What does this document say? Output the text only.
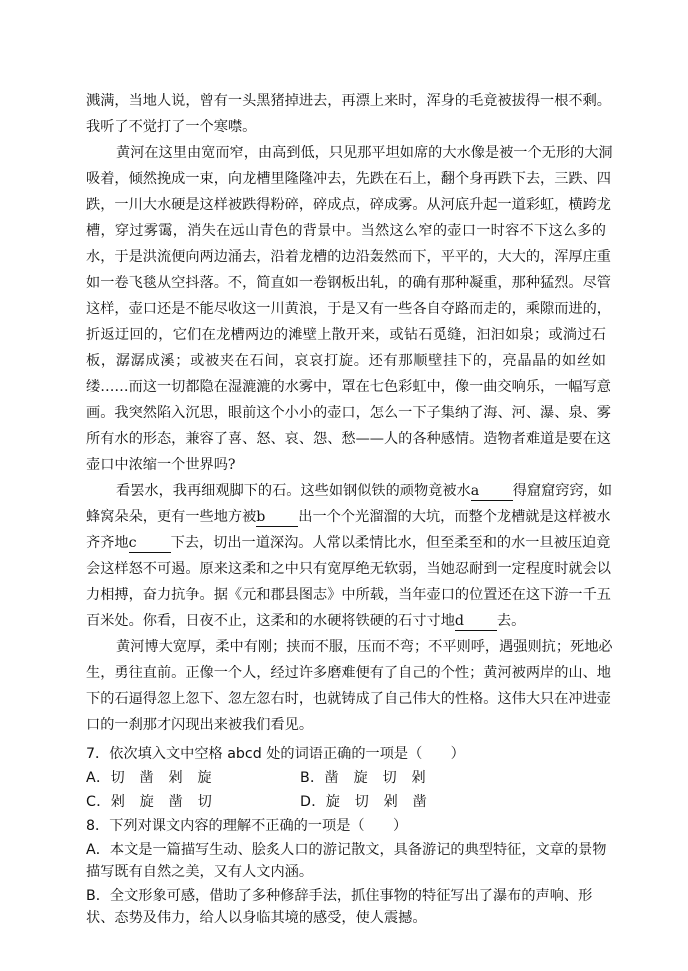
溅满，当地人说，曾有一头黑猪掉进去，再漂上来时，浑身的毛竟被拔得一根不剩。
我听了不觉打了一个寒噤。
黄河在这里由宽而窄，由高到低，只见那平坦如席的大水像是被一个无形的大洞
吸着，倾然挽成一束，向龙槽里隆隆冲去，先跌在石上，翻个身再跌下去，三跌、四
跌，一川大水硬是这样被跌得粉碎，碎成点，碎成雾。从河底升起一道彩虹，横跨龙
槽，穿过雾霭，消失在远山青色的背景中。当然这么窄的壶口一时容不下这么多的
水，于是洪流便向两边涌去，沿着龙槽的边沿轰然而下，平平的，大大的，浑厚庄重
如一卷飞毯从空抖落。不，简直如一卷钢板出轧，的确有那种凝重，那种猛烈。尽管
这样，壶口还是不能尽收这一川黄浪，于是又有一些各自夺路而走的，乘隙而进的，
折返迂回的，它们在龙槽两边的滩壁上散开来，或钻石觅缝，汩汩如泉；或淌过石
板，潺潺成溪；或被夹在石间，哀哀打旋。还有那顺壁挂下的，亮晶晶的如丝如
缕……而这一切都隐在湿漉漉的水雾中，罩在七色彩虹中，像一曲交响乐，一幅写意
画。我突然陷入沉思，眼前这个小小的壶口，怎么一下子集纳了海、河、瀑、泉、雾
所有水的形态，兼容了喜、怒、哀、怨、愁——人的各种感情。造物者难道是要在这
壶口中浓缩一个世界吗?
看罢水，我再细观脚下的石。这些如钢似铁的顽物竟被水a 得窟窟窍窍，如
蜂窝朵朵，更有一些地方被b 出一个个光溜溜的大坑，而整个龙槽就是这样被水
齐齐地c 下去，切出一道深沟。人常以柔情比水，但至柔至和的水一旦被压迫竟
会这样怒不可遏。原来这柔和之中只有宽厚绝无软弱，当她忍耐到一定程度时就会以
力相搏，奋力抗争。据《元和郡县图志》中所载，当年壶口的位置还在这下游一千五
百米处。你看，日夜不止，这柔和的水硬将铁硬的石寸寸地d 去。
黄河博大宽厚，柔中有刚；挟而不服，压而不弯；不平则呼，遇强则抗；死地必
生，勇往直前。正像一个人，经过许多磨难便有了自己的个性；黄河被两岸的山、地
下的石逼得忽上忽下、忽左忽右时，也就铸成了自己伟大的性格。这伟大只在冲进壶
口的一刹那才闪现出来被我们看见。
7．依次填入文中空格 abcd 处的词语正确的一项是（　　）
A．切　凿　剁　旋	B．凿　旋　切　剁
C．剁　旋　凿　切	D．旋　切　剁　凿
8．下列对课文内容的理解不正确的一项是（　　）
A．本文是一篇描写生动、脍炙人口的游记散文，具备游记的典型特征，文章的景物
描写既有自然之美，又有人文内涵。
B．全文形象可感，借助了多种修辞手法，抓住事物的特征写出了瀑布的声响、形
状、态势及伟力，给人以身临其境的感受，使人震撼。
